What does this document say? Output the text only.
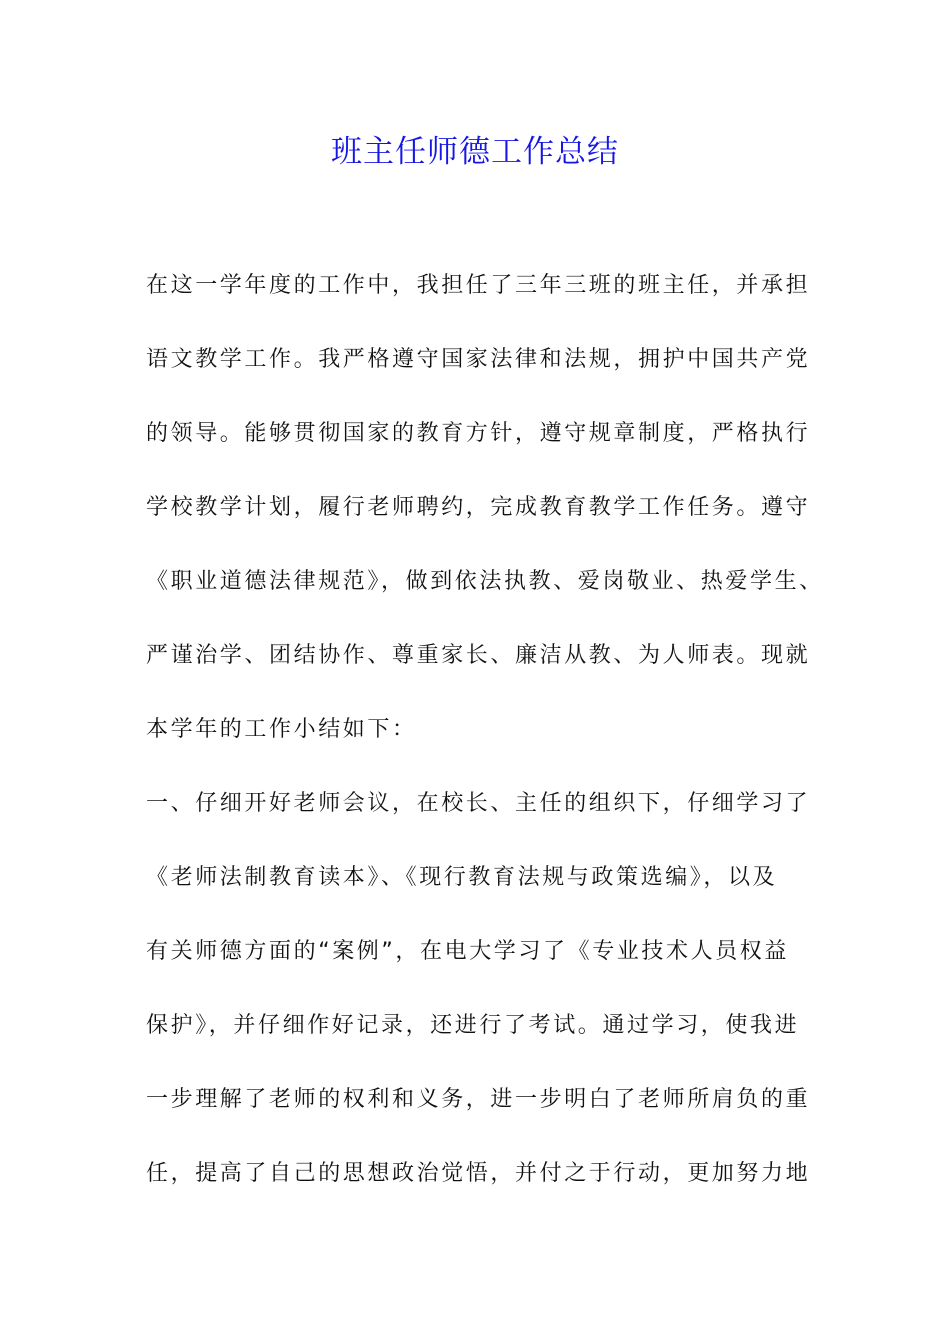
班主任师德工作总结
在这一学年度的工作中，我担任了三年三班的班主任，并承担
语文教学工作。我严格遵守国家法律和法规，拥护中国共产党
的领导。能够贯彻国家的教育方针，遵守规章制度，严格执行
学校教学计划，履行老师聘约，完成教育教学工作任务。遵守
《职业道德法律规范》，做到依法执教、爱岗敬业、热爱学生、
严谨治学、团结协作、尊重家长、廉洁从教、为人师表。现就
本学年的工作小结如下：
一、仔细开好老师会议，在校长、主任的组织下，仔细学习了
《老师法制教育读本》、《现行教育法规与政策选编》，以及
有关师德方面的“案例”，在电大学习了《专业技术人员权益
保护》，并仔细作好记录，还进行了考试。通过学习，使我进
一步理解了老师的权利和义务，进一步明白了老师所肩负的重
任，提高了自己的思想政治觉悟，并付之于行动，更加努力地
